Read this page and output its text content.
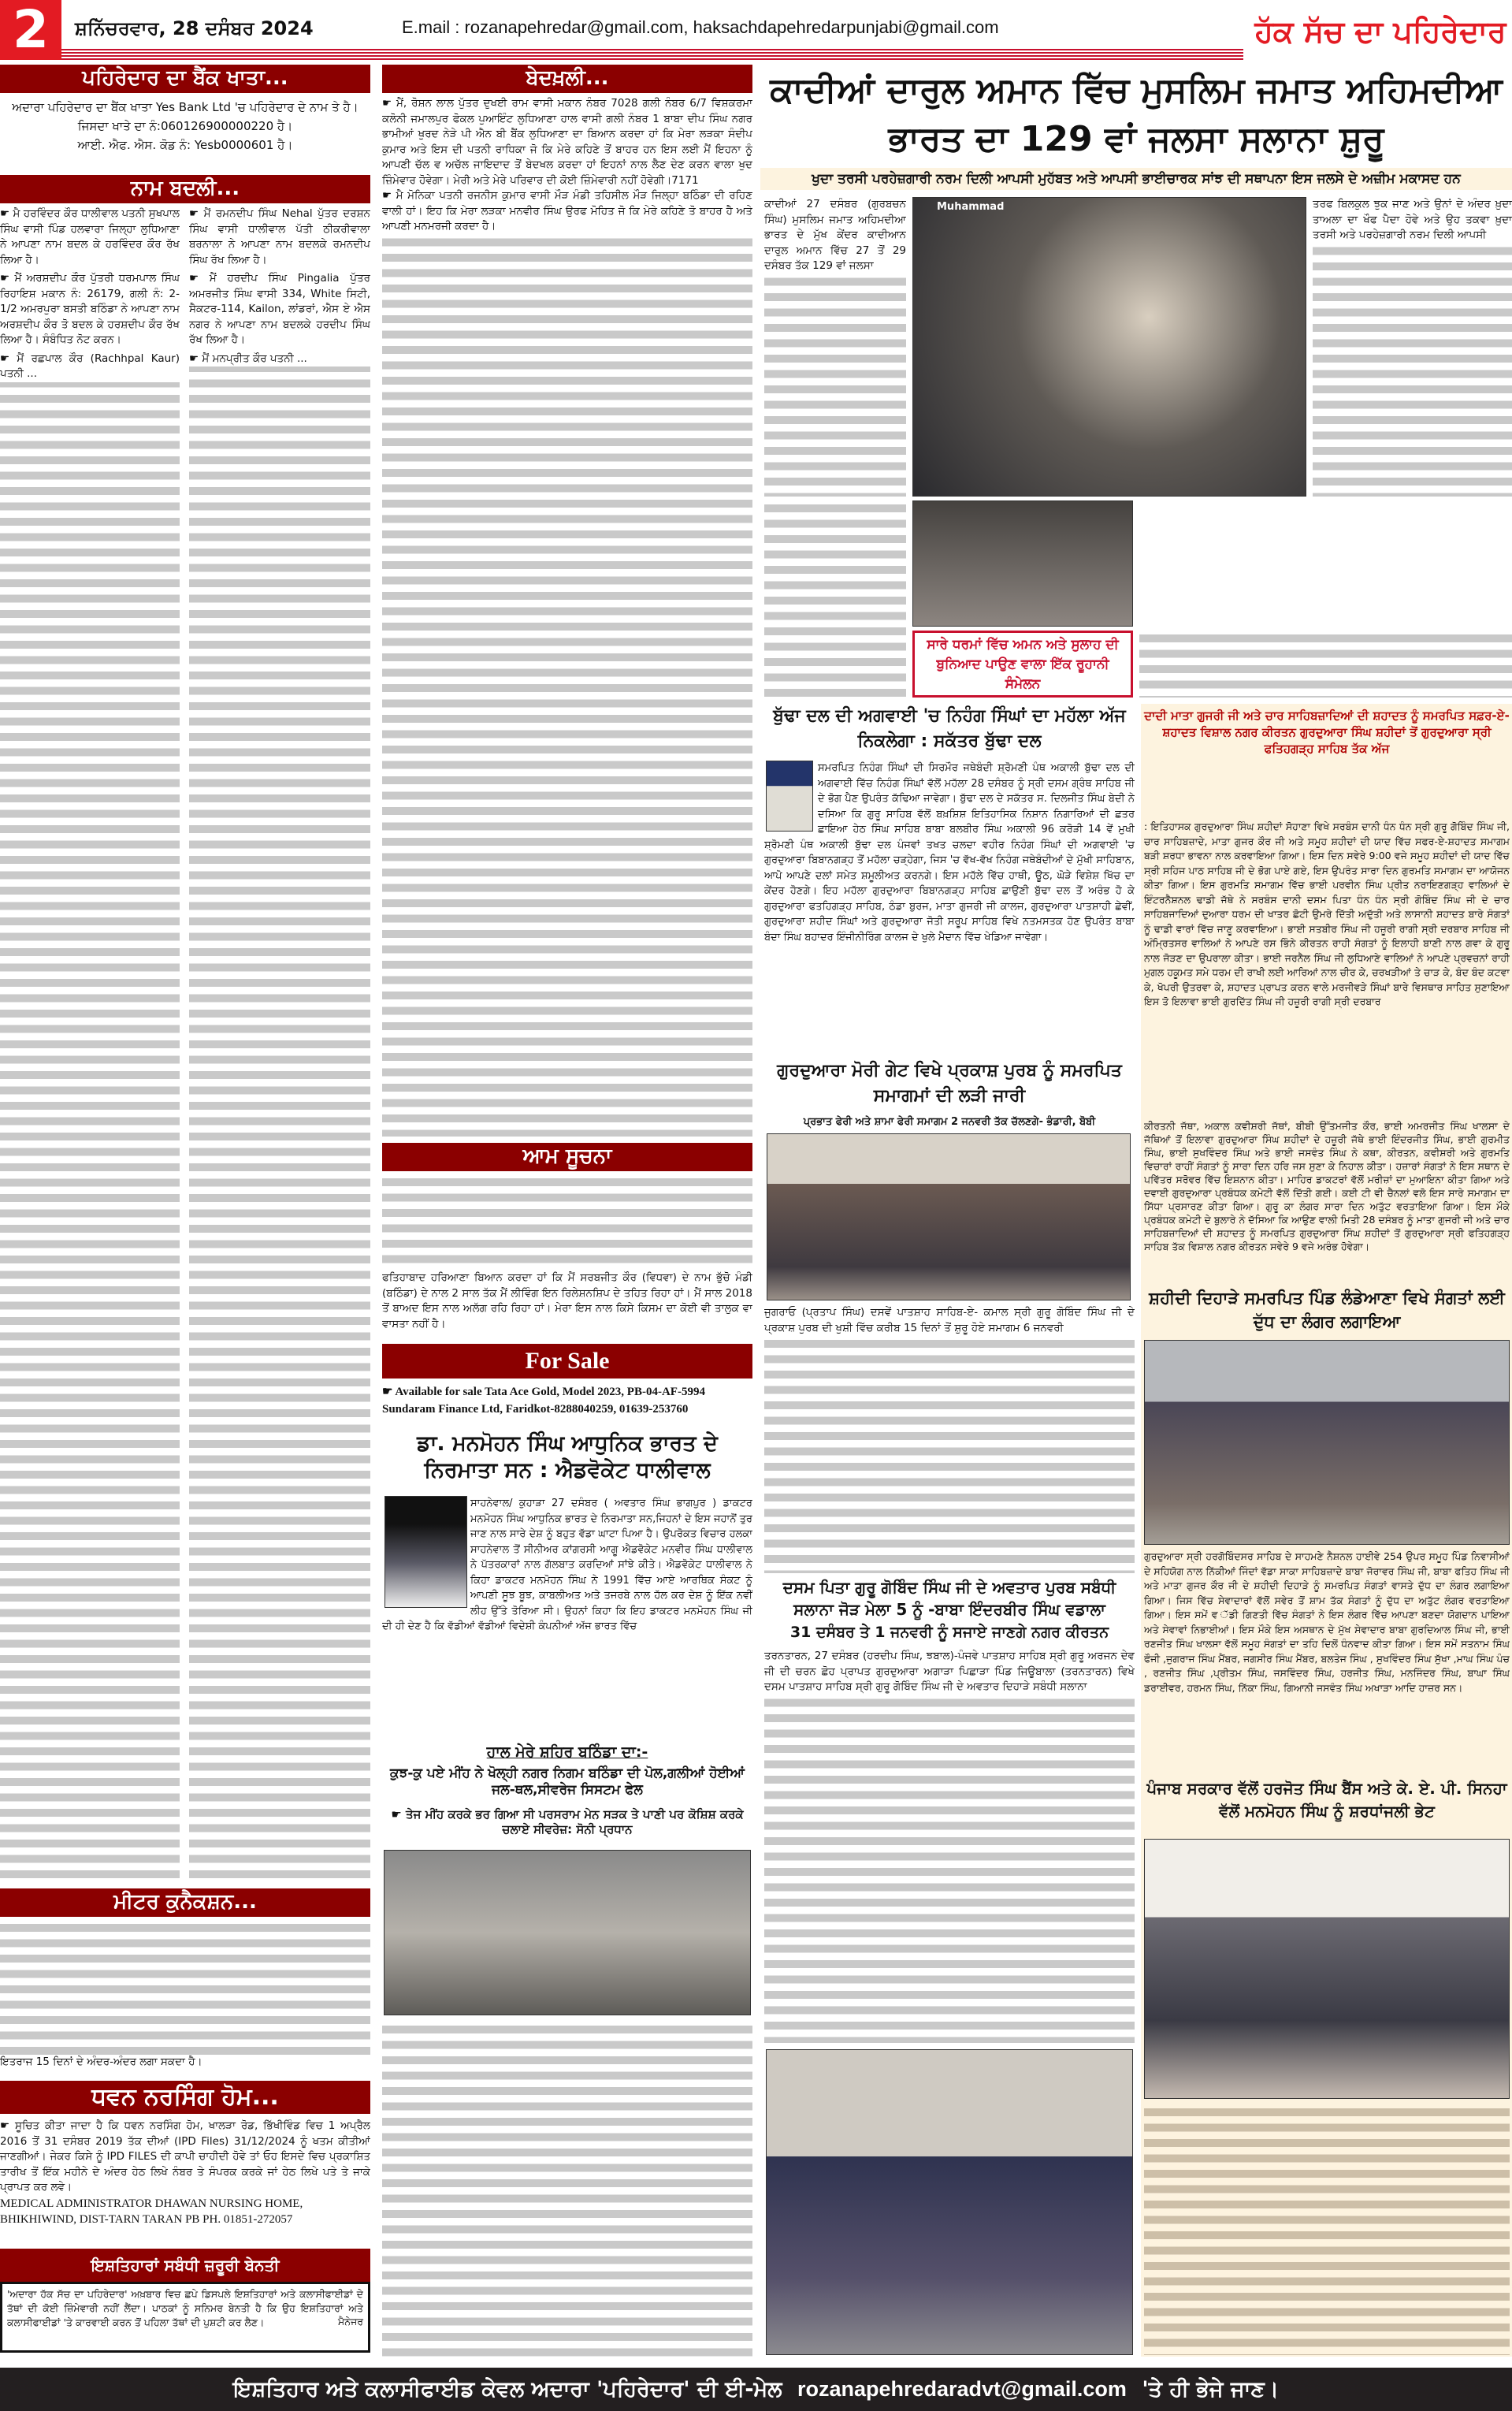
2	ਸ਼ਨਿੱਚਰਵਾਰ, 28 ਦਸੰਬਰ 2024	E.mail : rozanapehredar@gmail.com, haksachdapehredarpunjabi@gmail.com	ਹੱਕ ਸੱਚ ਦਾ ਪਹਿਰੇਦਾਰ
ਪਹਿਰੇਦਾਰ ਦਾ ਬੈਂਕ ਖਾਤਾ...
ਅਦਾਰਾ ਪਹਿਰੇਦਾਰ ਦਾ ਬੈਂਕ ਖਾਤਾ Yes Bank Ltd 'ਚ ਪਹਿਰੇਦਾਰ ਦੇ ਨਾਮ ਤੇ ਹੈ। ਜਿਸਦਾ ਖਾਤੇ ਦਾ ਨੰ:060126900000220 ਹੈ।
ਆਈ. ਐਫ. ਐਸ. ਕੋਡ ਨੰ: Yesb0000601 ਹੈ।
ਨਾਮ ਬਦਲੀ...

☛ ਮੈ ਹਰਵਿੰਦਰ ਕੌਰ ਧਾਲੀਵਾਲ ਪਤਨੀ ਸੁਖਪਾਲ ਸਿੰਘ ਵਾਸੀ ਪਿੰਡ ਹਲਵਾਰਾ ਜਿਲ੍ਹਾ ਲੁਧਿਆਣਾ ਨੇ ਆਪਣਾ ਨਾਮ ਬਦਲ ਕੇ ਹਰਵਿੰਦਰ ਕੌਰ ਰੱਖ ਲਿਆ ਹੈ।

☛ ਮੈਂ ਅਰਸ਼ਦੀਪ ਕੌਰ ਪੁੱਤਰੀ ਧਰਮਪਾਲ ਸਿੰਘ ਰਿਹਾਇਸ਼ ਮਕਾਨ ਨੰ: 26179, ਗਲੀ ਨੰ: 2-1/2 ਅਮਰਪੁਰਾ ਬਸਤੀ ਬਠਿੰਡਾ ਨੇ ਆਪਣਾ ਨਾਮ ਅਰਸ਼ਦੀਪ ਕੌਰ ਤੋ ਬਦਲ ਕੇ ਹਰਸ਼ਦੀਪ ਕੌਰ ਰੱਖ ਲਿਆ ਹੈ। ਸੰਬੰਧਿਤ ਨੋਟ ਕਰਨ।

☛ ਮੈਂ ਰਛਪਾਲ ਕੌਰ (Rachhpal Kaur) ਪਤਨੀ ...

☛ ਮੈਂ ਰਮਨਦੀਪ ਸਿੰਘ Nehal ਪੁੱਤਰ ਦਰਸ਼ਨ ਸਿੰਘ ਵਾਸੀ ਧਾਲੀਵਾਲ ਪੱਤੀ ਠੀਕਰੀਵਾਲਾ ਬਰਨਾਲਾ ਨੇ ਆਪਣਾ ਨਾਮ ਬਦਲਕੇ ਰਮਨਦੀਪ ਸਿੰਘ ਰੱਖ ਲਿਆ ਹੈ।

☛ ਮੈਂ ਹਰਦੀਪ ਸਿੰਘ Pingalia ਪੁੱਤਰ ਅਮਰਜੀਤ ਸਿੰਘ ਵਾਸੀ 334, White ਸਿਟੀ, ਸੈਕਟਰ-114, Kailon, ਲਾਂਡਰਾਂ, ਐਸ ਏ ਐਸ ਨਗਰ ਨੇ ਆਪਣਾ ਨਾਮ ਬਦਲਕੇ ਹਰਦੀਪ ਸਿੰਘ ਰੱਖ ਲਿਆ ਹੈ।

☛ ਮੈਂ ਮਨਪ੍ਰੀਤ ਕੌਰ ਪਤਨੀ ...

ਮੀਟਰ ਕੁਨੈਕਸ਼ਨ...
ਇਤਰਾਜ 15 ਦਿਨਾਂ ਦੇ ਅੰਦਰ-ਅੰਦਰ ਲਗਾ ਸਕਦਾ ਹੈ।
ਧਵਨ ਨਰਸਿੰਗ ਹੋਮ...
☛ ਸੂਚਿਤ ਕੀਤਾ ਜਾਦਾ ਹੈ ਕਿ ਧਵਨ ਨਰਸਿੰਗ ਹੋਮ, ਖਾਲੜਾ ਰੋਡ, ਭਿੱਖੀਵਿੰਡ ਵਿਚ 1 ਅਪ੍ਰੈਲ 2016 ਤੋਂ 31 ਦਸੰਬਰ 2019 ਤੱਕ ਦੀਆਂ (IPD Files) 31/12/2024 ਨੂੰ ਖਤਮ ਕੀਤੀਆਂ ਜਾਣਗੀਆਂ। ਜੇਕਰ ਕਿਸੇ ਨੂੰ IPD FILES ਦੀ ਕਾਪੀ ਚਾਹੀਦੀ ਹੋਵੇ ਤਾਂ ਓਹ ਇਸਦੇ ਵਿਚ ਪ੍ਰਕਾਸ਼ਿਤ ਤਾਰੀਖ ਤੋਂ ਇੱਕ ਮਹੀਨੇ ਦੇ ਅੰਦਰ ਹੇਠ ਲਿਖੇ ਨੰਬਰ ਤੇ ਸੰਪਰਕ ਕਰਕੇ ਜਾਂ ਹੇਠ ਲਿਖੇ ਪਤੇ ਤੇ ਜਾਕੇ ਪ੍ਰਾਪਤ ਕਰ ਲਵੇ।
MEDICAL ADMINISTRATOR DHAWAN NURSING HOME, BHIKHIWIND, DIST-TARN TARAN PB PH. 01851-272057
ਇਸ਼ਤਿਹਾਰਾਂ ਸਬੰਧੀ ਜ਼ਰੂਰੀ ਬੇਨਤੀ
'ਅਦਾਰਾ ਹੱਕ ਸੱਚ ਦਾ ਪਹਿਰੇਦਾਰ' ਅਖ਼ਬਾਰ ਵਿਚ ਛਪੇ ਡਿਸਪਲੇ ਇਸ਼ਤਿਹਾਰਾਂ ਅਤੇ ਕਲਾਸੀਫਾਈਡਾਂ ਦੇ ਤੱਥਾਂ ਦੀ ਕੋਈ ਜ਼ਿੰਮੇਵਾਰੀ ਨਹੀਂ ਲੈਂਦਾ। ਪਾਠਕਾਂ ਨੂੰ ਸਨਿਮਰ ਬੇਨਤੀ ਹੈ ਕਿ ਉਹ ਇਸ਼ਤਿਹਾਰਾਂ ਅਤੇ ਕਲਾਸੀਫਾਈਡਾਂ 'ਤੇ ਕਾਰਵਾਈ ਕਰਨ ਤੋਂ ਪਹਿਲਾ ਤੱਥਾਂ ਦੀ ਪੁਸ਼ਟੀ ਕਰ ਲੈਣ।	ਮੈਨੇਜਰ
ਬੇਦਖ਼ਲੀ...

☛ ਮੈਂ, ਰੋਸ਼ਨ ਲਾਲ ਪੁੱਤਰ ਦੁਖਈ ਰਾਮ ਵਾਸੀ ਮਕਾਨ ਨੰਬਰ 7028 ਗਲੀ ਨੰਬਰ 6/7 ਵਿਸ਼ਕਰਮਾ ਕਲੋਨੀ ਜਮਾਲਪੁਰ ਫੋਕਲ ਪੁਆਇੰਟ ਲੁਧਿਆਣਾ ਹਾਲ ਵਾਸੀ ਗਲੀ ਨੰਬਰ 1 ਬਾਬਾ ਦੀਪ ਸਿੰਘ ਨਗਰ ਭਾਮੀਆਂ ਖੁਰਦ ਨੇੜੇ ਪੀ ਐਨ ਬੀ ਬੈਂਕ ਲੁਧਿਆਣਾ ਦਾ ਬਿਆਨ ਕਰਦਾ ਹਾਂ ਕਿ ਮੇਰਾ ਲੜਕਾ ਸੰਦੀਪ ਕੁਮਾਰ ਅਤੇ ਇਸ ਦੀ ਪਤਨੀ ਰਾਧਿਕਾ ਜੋ ਕਿ ਮੇਰੇ ਕਹਿਣੇ ਤੋਂ ਬਾਹਰ ਹਨ ਇਸ ਲਈ ਮੈਂ ਇਹਨਾ ਨੂੰ ਆਪਣੀ ਚੱਲ ਵ ਅਚੱਲ ਜਾਇਦਾਦ ਤੋਂ ਬੇਦਖਲ ਕਰਦਾ ਹਾਂ ਇਹਨਾਂ ਨਾਲ ਲੈਣ ਦੇਣ ਕਰਨ ਵਾਲਾ ਖੁਦ ਜ਼ਿੰਮੇਵਾਰ ਹੋਵੇਗਾ। ਮੇਰੀ ਅਤੇ ਮੇਰੇ ਪਰਿਵਾਰ ਦੀ ਕੋਈ ਜ਼ਿੰਮੇਵਾਰੀ ਨਹੀਂ ਹੋਵੇਗੀ।7171

☛ ਮੈ ਮੋਨਿਕਾ ਪਤਨੀ ਰਜਨੀਸ ਕੁਮਾਰ ਵਾਸੀ ਮੌੜ ਮੰਡੀ ਤਹਿਸੀਲ ਮੌੜ ਜਿਲ੍ਹਾ ਬਠਿੰਡਾ ਦੀ ਰਹਿਣ ਵਾਲੀ ਹਾਂ। ਇਹ ਕਿ ਮੇਰਾ ਲੜਕਾ ਮਨਵੀਰ ਸਿੰਘ ਉਰਫ ਮੋਹਿਤ ਜੋ ਕਿ ਮੇਰੇ ਕਹਿਣੇ ਤੋ ਬਾਹਰ ਹੈ ਅਤੇ ਆਪਣੀ ਮਨਮਰਜੀ ਕਰਦਾ ਹੈ।

ਆਮ ਸੂਚਨਾ
ਫਤਿਹਾਬਾਦ ਹਰਿਆਣਾ ਬਿਆਨ ਕਰਦਾ ਹਾਂ ਕਿ ਮੈਂ ਸਰਬਜੀਤ ਕੌਰ (ਵਿਧਵਾ) ਦੇ ਨਾਮ ਭੁੱਚੋ ਮੰਡੀ (ਬਠਿੰਡਾ) ਦੇ ਨਾਲ 2 ਸਾਲ ਤੱਕ ਮੈਂ ਲੀਵਿੰਗ ਇਨ ਰਿਲੇਸ਼ਨਸ਼ਿਪ ਦੇ ਤਹਿਤ ਰਿਹਾ ਹਾਂ। ਮੈਂ ਸਾਲ 2018 ਤੋਂ ਬਾਅਦ ਇਸ ਨਾਲ ਅਲੱਗ ਰਹਿ ਰਿਹਾ ਹਾਂ। ਮੇਰਾ ਇਸ ਨਾਲ ਕਿਸੇ ਕਿਸਮ ਦਾ ਕੋਈ ਵੀ ਤਾਲੁਕ ਵਾ ਵਾਸਤਾ ਨਹੀਂ ਹੈ।
For Sale
☛ Available for sale Tata Ace Gold, Model 2023, PB-04-AF-5994 Sundaram Finance Ltd, Faridkot-8288040259, 01639-253760
ਡਾ. ਮਨਮੋਹਨ ਸਿੰਘ ਆਧੁਨਿਕ ਭਾਰਤ ਦੇ ਨਿਰਮਾਤਾ ਸਨ : ਐਡਵੋਕੇਟ ਧਾਲੀਵਾਲ
ਸਾਹਨੇਵਾਲ/ ਕੁਹਾੜਾ 27 ਦਸੰਬਰ ( ਅਵਤਾਰ ਸਿੰਘ ਭਾਗਪੁਰ ) ਡਾਕਟਰ ਮਨਮੋਹਨ ਸਿੰਘ ਆਧੁਨਿਕ ਭਾਰਤ ਦੇ ਨਿਰਮਾਤਾ ਸਨ,ਜਿਹਨਾਂ ਦੇ ਇਸ ਜਹਾਨੋਂ ਤੁਰ ਜਾਣ ਨਾਲ ਸਾਰੇ ਦੇਸ਼ ਨੂੰ ਬਹੁਤ ਵੱਡਾ ਘਾਟਾ ਪਿਆ ਹੈ। ਉਪਰੋਕਤ ਵਿਚਾਰ ਹਲਕਾ ਸਾਹਨੇਵਾਲ ਤੋਂ ਸੀਨੀਅਰ ਕਾਂਗਰਸੀ ਆਗੂ ਐਡਵੋਕੇਟ ਮਨਵੀਰ ਸਿੰਘ ਧਾਲੀਵਾਲ ਨੇ ਪੱਤਰਕਾਰਾਂ ਨਾਲ ਗੱਲਬਾਤ ਕਰਦਿਆਂ ਸਾਂਝੇ ਕੀਤੇ। ਐਡਵੋਕੇਟ ਧਾਲੀਵਾਲ ਨੇ ਕਿਹਾ ਡਾਕਟਰ ਮਨਮੋਹਨ ਸਿੰਘ ਨੇ 1991 ਵਿੱਚ ਆਏ ਆਰਥਿਕ ਸੰਕਟ ਨੂੰ ਆਪਣੀ ਸੂਝ ਬੂਝ, ਕਾਬਲੀਅਤ ਅਤੇ ਤਜਰਬੇ ਨਾਲ ਹੱਲ ਕਰ ਦੇਸ਼ ਨੂੰ ਇੱਕ ਨਵੀਂ ਲੀਹ ਉੱਤੇ ਤੋਰਿਆ ਸੀ। ਉਹਨਾਂ ਕਿਹਾ ਕਿ ਇਹ ਡਾਕਟਰ ਮਨਮੋਹਨ ਸਿੰਘ ਜੀ ਦੀ ਹੀ ਦੇਣ ਹੈ ਕਿ ਵੱਡੀਆਂ ਵੱਡੀਆਂ ਵਿਦੇਸ਼ੀ ਕੰਪਨੀਆਂ ਅੱਜ ਭਾਰਤ ਵਿੱਚ
ਹਾਲ ਮੇਰੇ ਸ਼ਹਿਰ ਬਠਿੰਡਾ ਦਾ:-
ਕੁਝ-ਕੁ ਪਏ ਮੀਂਹ ਨੇ ਖੋਲ੍ਹੀ ਨਗਰ ਨਿਗਮ ਬਠਿੰਡਾ ਦੀ ਪੋਲ,ਗਲੀਆਂ ਹੋਈਆਂ ਜਲ-ਥਲ,ਸੀਵਰੇਜ ਸਿਸਟਮ ਫੇਲ
☛ ਤੇਜ ਮੀਂਹ ਕਰਕੇ ਭਰ ਗਿਆ ਸੀ ਪਰਸਰਾਮ ਮੇਨ ਸੜਕ ਤੇ ਪਾਣੀ ਪਰ ਕੋਸ਼ਿਸ਼ ਕਰਕੇ ਚਲਾਏ ਸੀਵਰੇਜ਼: ਸੋਨੀ ਪ੍ਰਧਾਨ
ਕਾਦੀਆਂ ਦਾਰੁਲ ਅਮਾਨ ਵਿੱਚ ਮੁਸਲਿਮ ਜਮਾਤ ਅਹਿਮਦੀਆ ਭਾਰਤ ਦਾ 129 ਵਾਂ ਜਲਸਾ ਸਲਾਨਾ ਸ਼ੁਰੂ
ਖੁਦਾ ਤਰਸੀ ਪਰਹੇਜ਼ਗਾਰੀ ਨਰਮ ਦਿਲੀ ਆਪਸੀ ਮੁਹੱਬਤ ਅਤੇ ਆਪਸੀ ਭਾਈਚਾਰਕ ਸਾਂਝ ਦੀ ਸਥਾਪਨਾ ਇਸ ਜਲਸੇ ਦੇ ਅਜ਼ੀਮ ਮਕਾਸਦ ਹਨ
ਕਾਦੀਆਂ 27 ਦਸੰਬਰ (ਗੁਰਬਚਨ ਸਿੰਘ) ਮੁਸਲਿਮ ਜਮਾਤ ਅਹਿਮਦੀਆ ਭਾਰਤ ਦੇ ਮੁੱਖ ਕੇਂਦਰ ਕਾਦੀਆਨ ਦਾਰੁਲ ਅਮਾਨ ਵਿੱਚ 27 ਤੋਂ 29 ਦਸੰਬਰ ਤੱਕ 129 ਵਾਂ ਜਲਸਾ
Muhammad	ਤਰਫ ਬਿਲਕੁਲ ਝੁਕ ਜਾਣ ਅਤੇ ਉਨਾਂ ਦੇ ਅੰਦਰ ਖ਼ੁਦਾ ਤਾਅਲਾ ਦਾ ਖੌਫ ਪੈਦਾ ਹੋਵੇ ਅਤੇ ਉਹ ਤਕਵਾ ਖ਼ੁਦਾ ਤਰਸੀ ਅਤੇ ਪਰਹੇਜ਼ਗਾਰੀ ਨਰਮ ਦਿਲੀ ਆਪਸੀ
ਸਾਰੇ ਧਰਮਾਂ ਵਿੱਚ ਅਮਨ ਅਤੇ ਸੁਲਾਹ ਦੀ ਬੁਨਿਆਦ ਪਾਉਣ ਵਾਲਾ ਇੱਕ ਰੂਹਾਨੀ ਸੰਮੇਲਨ
ਬੁੱਢਾ ਦਲ ਦੀ ਅਗਵਾਈ 'ਚ ਨਿਹੰਗ ਸਿੰਘਾਂ ਦਾ ਮਹੱਲਾ ਅੱਜ ਨਿਕਲੇਗਾ : ਸਕੱਤਰ ਬੁੱਢਾ ਦਲ
ਸਮਰਪਿਤ ਨਿਹੰਗ ਸਿੰਘਾਂ ਦੀ ਸਿਰਮੌਰ ਜਥੇਬੰਦੀ ਸ਼੍ਰੋਮਣੀ ਪੰਥ ਅਕਾਲੀ ਬੁੱਢਾ ਦਲ ਦੀ ਅਗਵਾਈ ਵਿੱਚ ਨਿਹੰਗ ਸਿੰਘਾਂ ਵੱਲੋਂ ਮਹੱਲਾ 28 ਦਸੰਬਰ ਨੂੰ ਸ੍ਰੀ ਦਸਮ ਗ੍ਰੰਥ ਸਾਹਿਬ ਜੀ ਦੇ ਭੋਗ ਪੈਣ ਉਪਰੰਤ ਕੱਢਿਆ ਜਾਵੇਗਾ। ਬੁੱਢਾ ਦਲ ਦੇ ਸਕੱਤਰ ਸ. ਦਿਲਜੀਤ ਸਿੰਘ ਬੇਦੀ ਨੇ ਦਸਿਆ ਕਿ ਗੁਰੂ ਸਾਹਿਬ ਵੱਲੋਂ ਬਖ਼ਸ਼ਿਸ਼ ਇਤਿਹਾਸਿਕ ਨਿਸ਼ਾਨ ਨਿਗਾਰਿਆਂ ਦੀ ਛਤਰ ਛਾਇਆ ਹੇਠ ਸਿੰਘ ਸਾਹਿਬ ਬਾਬਾ ਬਲਬੀਰ ਸਿੰਘ ਅਕਾਲੀ 96 ਕਰੋੜੀ 14 ਵੇਂ ਮੁਖੀ ਸ਼੍ਰੋਮਣੀ ਪੰਥ ਅਕਾਲੀ ਬੁੱਢਾ ਦਲ ਪੰਜਵਾਂ ਤਖਤ ਚਲਦਾ ਵਹੀਰ ਨਿਹੰਗ ਸਿੰਘਾਂ ਦੀ ਅਗਵਾਈ 'ਚ ਗੁਰਦੁਆਰਾ ਬਿਬਾਨਗੜ੍ਹ ਤੋਂ ਮਹੱਲਾ ਚੜ੍ਹੇਗਾ, ਜਿਸ 'ਚ ਵੱਖ-ਵੱਖ ਨਿਹੰਗ ਜਥੇਬੰਦੀਆਂ ਦੇ ਮੁੱਖੀ ਸਾਹਿਬਾਨ, ਆਪੋ ਆਪਣੇ ਦਲਾਂ ਸਮੇਤ ਸ਼ਮੂਲੀਅਤ ਕਰਨਗੇ। ਇਸ ਮਹੱਲੇ ਵਿੱਚ ਹਾਥੀ, ਊਠ, ਘੋੜੇ ਵਿਸ਼ੇਸ਼ ਖਿੱਚ ਦਾ ਕੇਂਦਰ ਹੋਣਗੇ। ਇਹ ਮਹੱਲਾ ਗੁਰਦੁਆਰਾ ਬਿਬਾਨਗੜ੍ਹ ਸਾਹਿਬ ਛਾਉਣੀ ਬੁੱਢਾ ਦਲ ਤੋਂ ਅਰੰਭ ਹੋ ਕੇ ਗੁਰਦੁਆਰਾ ਫਤਹਿਗੜ੍ਹ ਸਾਹਿਬ, ਠੰਡਾ ਬੁਰਜ, ਮਾਤਾ ਗੁਜਰੀ ਜੀ ਕਾਲਜ, ਗੁਰਦੁਆਰਾ ਪਾਤਸ਼ਾਹੀ ਛੇਵੀਂ, ਗੁਰਦੁਆਰਾ ਸ਼ਹੀਦ ਸਿੰਘਾਂ ਅਤੇ ਗੁਰਦੁਆਰਾ ਜੋਤੀ ਸਰੂਪ ਸਾਹਿਬ ਵਿਖੇ ਨਤਮਸਤਕ ਹੋਣ ਉਪਰੰਤ ਬਾਬਾ ਬੰਦਾ ਸਿੰਘ ਬਹਾਦਰ ਇੰਜੀਨੀਰਿੰਗ ਕਾਲਜ ਦੇ ਖੁਲੇ ਮੈਦਾਨ ਵਿੱਚ ਖੇਡਿਆ ਜਾਵੇਗਾ।
ਗੁਰਦੁਆਰਾ ਮੋਰੀ ਗੇਟ ਵਿਖੇ ਪ੍ਰਕਾਸ਼ ਪੁਰਬ ਨੂੰ ਸਮਰਪਿਤ ਸਮਾਗਮਾਂ ਦੀ ਲੜੀ ਜਾਰੀ
ਪ੍ਰਭਾਤ ਫੇਰੀ ਅਤੇ ਸ਼ਾਮਾ ਫੇਰੀ ਸਮਾਗਮ 2 ਜਨਵਰੀ ਤੱਕ ਚੱਲਣਗੇ- ਭੰਡਾਰੀ, ਬੋਬੀ
ਜੁਗਰਾਓ (ਪ੍ਰਤਾਪ ਸਿੰਘ) ਦਸਵੇਂ ਪਾਤਸ਼ਾਹ ਸਾਹਿਬ-ਏ- ਕਮਾਲ ਸ੍ਰੀ ਗੁਰੂ ਗੋਬਿੰਦ ਸਿੰਘ ਜੀ ਦੇ ਪ੍ਰਕਾਸ਼ ਪੁਰਬ ਦੀ ਖੁਸ਼ੀ ਵਿੱਚ ਕਰੀਬ 15 ਦਿਨਾਂ ਤੋਂ ਸ਼ੁਰੂ ਹੋਏ ਸਮਾਗਮ 6 ਜਨਵਰੀ
ਦਸਮ ਪਿਤਾ ਗੁਰੂ ਗੋਬਿੰਦ ਸਿੰਘ ਜੀ ਦੇ ਅਵਤਾਰ ਪੁਰਬ ਸਬੰਧੀ ਸਲਾਨਾ ਜੋੜ ਮੇਲਾ 5 ਨੂੰ -ਬਾਬਾ ਇੰਦਰਬੀਰ ਸਿੰਘ ਵਡਾਲਾ
31 ਦਸੰਬਰ ਤੇ 1 ਜਨਵਰੀ ਨੂੰ ਸਜਾਏ ਜਾਣਗੇ ਨਗਰ ਕੀਰਤਨ
ਤਰਨਤਾਰਨ, 27 ਦਸੰਬਰ (ਹਰਦੀਪ ਸਿੰਘ, ਝਬਾਲ)-ਪੰਜਵੇ ਪਾਤਸ਼ਾਹ ਸਾਹਿਬ ਸ੍ਰੀ ਗੁਰੂ ਅਰਜਨ ਦੇਵ ਜੀ ਦੀ ਚਰਨ ਛੋਹ ਪ੍ਰਾਪਤ ਗੁਰਦੁਆਰਾ ਅਗਾੜਾ ਪਿਛਾੜਾ ਪਿੰਡ ਜਿਊਬਾਲਾ (ਤਰਨਤਾਰਨ) ਵਿਖੇ ਦਸਮ ਪਾਤਸ਼ਾਹ ਸਾਹਿਬ ਸ੍ਰੀ ਗੁਰੂ ਗੋਬਿੰਦ ਸਿੰਘ ਜੀ ਦੇ ਅਵਤਾਰ ਦਿਹਾੜੇ ਸਬੰਧੀ ਸਲਾਨਾ
ਦਾਦੀ ਮਾਤਾ ਗੁਜਰੀ ਜੀ ਅਤੇ ਚਾਰ ਸਾਹਿਬਜ਼ਾਦਿਆਂ ਦੀ ਸ਼ਹਾਦਤ ਨੂੰ ਸਮਰਪਿਤ ਸਫ਼ਰ-ਏ-ਸ਼ਹਾਦਤ ਵਿਸ਼ਾਲ ਨਗਰ ਕੀਰਤਨ ਗੁਰਦੁਆਰਾ ਸਿੰਘ ਸ਼ਹੀਦਾਂ ਤੋਂ ਗੁਰਦੁਆਰਾ ਸ੍ਰੀ ਫਤਿਹਗੜ੍ਹ ਸਾਹਿਬ ਤੱਕ ਅੱਜ
: ਇਤਿਹਾਸਕ ਗੁਰਦੁਆਰਾ ਸਿੰਘ ਸ਼ਹੀਦਾਂ ਸੋਹਾਣਾ ਵਿਖੇ ਸਰਬੰਸ ਦਾਨੀ ਧੰਨ ਧੰਨ ਸ੍ਰੀ ਗੁਰੂ ਗੋਬਿੰਦ ਸਿੰਘ ਜੀ, ਚਾਰ ਸਾਹਿਬਜ਼ਾਦੇ, ਮਾਤਾ ਗੁਜਰ ਕੌਰ ਜੀ ਅਤੇ ਸਮੂਹ ਸ਼ਹੀਦਾਂ ਦੀ ਯਾਦ ਵਿੱਚ ਸਫਰ-ਏ-ਸ਼ਹਾਦਤ ਸਮਾਗਮ ਬੜੀ ਸ਼ਰਧਾ ਭਾਵਨਾ ਨਾਲ ਕਰਵਾਇਆ ਗਿਆ। ਇਸ ਦਿਨ ਸਵੇਰੇ 9:00 ਵਜੇ ਸਮੂਹ ਸ਼ਹੀਦਾਂ ਦੀ ਯਾਦ ਵਿੱਚ ਸ੍ਰੀ ਸਹਿਜ ਪਾਠ ਸਾਹਿਬ ਜੀ ਦੇ ਭੋਗ ਪਾਏ ਗਏ, ਇਸ ਉਪਰੰਤ ਸਾਰਾ ਦਿਨ ਗੁਰਮਤਿ ਸਮਾਗਮ ਦਾ ਆਯੋਜਨ ਕੀਤਾ ਗਿਆ। ਇਸ ਗੁਰਮਤਿ ਸਮਾਗਮ ਵਿੱਚ ਭਾਈ ਪਰਵੀਨ ਸਿੰਘ ਪ੍ਰੀਤ ਨਰਾਇਣਗੜ੍ਹ ਵਾਲਿਆਂ ਦੇ ਇੰਟਰਨੈਸ਼ਨਲ ਢਾਡੀ ਜੱਥੇ ਨੇ ਸਰਬੰਸ ਦਾਨੀ ਦਸਮ ਪਿਤਾ ਧੰਨ ਧੰਨ ਸ੍ਰੀ ਗੋਬਿੰਦ ਸਿੰਘ ਜੀ ਦੇ ਚਾਰ ਸਾਹਿਬਜਾਦਿਆਂ ਦੁਆਰਾ ਧਰਮ ਦੀ ਖਾਤਰ ਛੋਟੀ ਉਮਰੇ ਦਿੱਤੀ ਅਦੁੱਤੀ ਅਤੇ ਲਾਸਾਨੀ ਸ਼ਹਾਦਤ ਬਾਰੇ ਸੰਗਤਾਂ ਨੂੰ ਢਾਡੀ ਵਾਰਾਂ ਵਿੱਚ ਜਾਣੂ ਕਰਵਾਇਆ। ਭਾਈ ਸਤਬੀਰ ਸਿੰਘ ਜੀ ਹਜ਼ੂਰੀ ਰਾਗੀ ਸ੍ਰੀ ਦਰਬਾਰ ਸਾਹਿਬ ਜੀ ਅੰਮ੍ਰਿਤਸਰ ਵਾਲਿਆਂ ਨੇ ਆਪਣੇ ਰਸ ਭਿੰਨੇ ਕੀਰਤਨ ਰਾਹੀ ਸੰਗਤਾਂ ਨੂੰ ਇਲਾਹੀ ਬਾਣੀ ਨਾਲ ਗਵਾ ਕੇ ਗੁਰੂ ਨਾਲ ਜੋੜਣ ਦਾ ਉਪਰਾਲਾ ਕੀਤਾ। ਭਾਈ ਜਰਨੈਲ ਸਿੰਘ ਜੀ ਲੁਧਿਆਣੇ ਵਾਲਿਆਂ ਨੇ ਆਪਣੇ ਪ੍ਰਵਚਨਾਂ ਰਾਹੀ ਮੁਗਲ ਹਕੂਮਤ ਸਮੇ ਧਰਮ ਦੀ ਰਾਖੀ ਲਈ ਆਰਿਆਂ ਨਾਲ ਚੀਰ ਕੇ, ਚਰਖੜੀਆਂ ਤੇ ਚਾੜ ਕੇ, ਬੰਦ ਬੰਦ ਕਟਵਾ ਕੇ, ਖੋਪਰੀ ਉਤਰਵਾ ਕੇ, ਸ਼ਹਾਦਤ ਪ੍ਰਾਪਤ ਕਰਨ ਵਾਲੇ ਮਰਜੀਵੜੇ ਸਿੰਘਾਂ ਬਾਰੇ ਵਿਸਥਾਰ ਸਾਹਿਤ ਸੁਣਾਇਆ ਇਸ ਤੋ ਇਲਾਵਾ ਭਾਈ ਗੁਰਦਿੱਤ ਸਿੰਘ ਜੀ ਹਜ਼ੂਰੀ ਰਾਗੀ ਸ੍ਰੀ ਦਰਬਾਰ
ਕੀਰਤਨੀ ਜੱਥਾ, ਅਕਾਲ ਕਵੀਸ਼ਰੀ ਜੱਥਾਂ, ਬੀਬੀ ਉੱਤਮਜੀਤ ਕੌਰ, ਭਾਈ ਅਮਰਜੀਤ ਸਿੰਘ ਖਾਲਸਾ ਦੇ ਜੱਥਿਆਂ ਤੋਂ ਇਲਾਵਾ ਗੁਰਦੁਆਰਾ ਸਿੰਘ ਸ਼ਹੀਦਾਂ ਦੇ ਹਜ਼ੂਰੀ ਜੱਥੇ ਭਾਈ ਇੰਦਰਜੀਤ ਸਿੰਘ, ਭਾਈ ਗੁਰਮੀਤ ਸਿੰਘ, ਭਾਈ ਸੁਖਵਿੰਦਰ ਸਿੰਘ ਅਤੇ ਭਾਈ ਜਸਵੰਤ ਸਿੰਘ ਨੇ ਕਥਾ, ਕੀਰਤਨ, ਕਵੀਸ਼ਰੀ ਅਤੇ ਗੁਰਮਤਿ ਵਿਚਾਰਾਂ ਰਾਹੀਂ ਸੰਗਤਾਂ ਨੂੰ ਸਾਰਾ ਦਿਨ ਹਰਿ ਜਸ ਸੁਣਾ ਕੇ ਨਿਹਾਲ ਕੀਤਾ। ਹਜ਼ਾਰਾਂ ਸੰਗਤਾਂ ਨੇ ਇਸ ਸਥਾਨ ਦੇ ਪਵਿੱਤਰ ਸਰੋਵਰ ਵਿੱਚ ਇਸ਼ਨਾਨ ਕੀਤਾ। ਮਾਹਿਰ ਡਾਕਟਰਾਂ ਵੱਲੋਂ ਮਰੀਜ਼ਾਂ ਦਾ ਮੁਆਇਨਾ ਕੀਤਾ ਗਿਆ ਅਤੇ ਦਵਾਈ ਗੁਰਦੁਆਰਾ ਪ੍ਰਬੰਧਕ ਕਮੇਟੀ ਵੱਲੋਂ ਦਿੱਤੀ ਗਈ। ਕਈ ਟੀ ਵੀ ਚੈਨਲਾਂ ਵਲੋ ਇਸ ਸਾਰੇ ਸਮਾਗਮ ਦਾ ਸਿੱਧਾ ਪ੍ਰਸਾਰਣ ਕੀਤਾ ਗਿਆ। ਗੁਰੂ ਕਾ ਲੰਗਰ ਸਾਰਾ ਦਿਨ ਅਤੁੱਟ ਵਰਤਾਇਆ ਗਿਆ। ਇਸ ਮੌਕੇ ਪ੍ਰਬੰਧਕ ਕਮੇਟੀ ਦੇ ਬੁਲਾਰੇ ਨੇ ਦੱਸਿਆ ਕਿ ਆਉਣ ਵਾਲੀ ਮਿਤੀ 28 ਦਸੰਬਰ ਨੂੰ ਮਾਤਾ ਗੁਜਰੀ ਜੀ ਅਤੇ ਚਾਰ ਸਾਹਿਬਜ਼ਾਦਿਆਂ ਦੀ ਸ਼ਹਾਦਤ ਨੂੰ ਸਮਰਪਿਤ ਗੁਰਦੁਆਰਾ ਸਿੰਘ ਸ਼ਹੀਦਾਂ ਤੋਂ ਗੁਰਦੁਆਰਾ ਸ੍ਰੀ ਫਤਿਹਗੜ੍ਹ ਸਾਹਿਬ ਤੱਕ ਵਿਸ਼ਾਲ ਨਗਰ ਕੀਰਤਨ ਸਵੇਰੇ 9 ਵਜੇ ਅਰੰਭ ਹੋਵੇਗਾ।
ਸ਼ਹੀਦੀ ਦਿਹਾੜੇ ਸਮਰਪਿਤ ਪਿੰਡ ਲੰਡੇਆਣਾ ਵਿਖੇ ਸੰਗਤਾਂ ਲਈ ਦੁੱਧ ਦਾ ਲੰਗਰ ਲਗਾਇਆ
ਗੁਰਦੁਆਰਾ ਸ੍ਰੀ ਹਰਗੋਬਿੰਦਸਰ ਸਾਹਿਬ ਦੇ ਸਾਹਮਣੇ ਨੈਸ਼ਨਲ ਹਾਈਵੇ 254 ਉਪਰ ਸਮੂਹ ਪਿੰਡ ਨਿਵਾਸੀਆਂ ਦੇ ਸਹਿਯੋਗ ਨਾਲ ਨਿੱਕੀਆਂ ਜਿੰਦਾਂ ਵੱਡਾ ਸਾਕਾ ਸਾਹਿਬਜ਼ਾਦੇ ਬਾਬਾ ਜੋਰਾਵਰ ਸਿੰਘ ਜੀ, ਬਾਬਾ ਫਤਿਹ ਸਿੰਘ ਜੀ ਅਤੇ ਮਾਤਾ ਗੁਜਰ ਕੌਰ ਜੀ ਦੇ ਸ਼ਹੀਦੀ ਦਿਹਾੜੇ ਨੂੰ ਸਮਰਪਿਤ ਸੰਗਤਾਂ ਵਾਸਤੇ ਦੁੱਧ ਦਾ ਲੰਗਰ ਲਗਾਇਆ ਗਿਆ। ਜਿਸ ਵਿੱਚ ਸੇਵਾਦਾਰਾਂ ਵੱਲੋਂ ਸਵੇਰ ਤੋਂ ਸ਼ਾਮ ਤੱਕ ਸੰਗਤਾਂ ਨੂੰ ਦੁੱਧ ਦਾ ਅਤੁੱਟ ਲੰਗਰ ਵਰਤਾਇਆ ਗਿਆ। ਇਸ ਸਮੇਂ ਵ ੱਡੀ ਗਿਣਤੀ ਵਿੱਚ ਸੰਗਤਾਂ ਨੇ ਇਸ ਲੰਗਰ ਵਿੱਚ ਆਪਣਾ ਬਣਦਾ ਯੋਗਦਾਨ ਪਾਇਆ ਅਤੇ ਸੇਵਾਵਾਂ ਨਿਭਾਈਆਂ। ਇਸ ਮੌਕੇ ਇਸ ਅਸਥਾਨ ਦੇ ਮੁੱਖ ਸੇਵਾਦਾਰ ਬਾਬਾ ਗੁਰਦਿਆਲ ਸਿੰਘ ਜੀ, ਭਾਈ ਰਣਜੀਤ ਸਿੰਘ ਖਾਲਸਾ ਵੱਲੋਂ ਸਮੂਹ ਸੰਗਤਾਂ ਦਾ ਤਹਿ ਦਿਲੋਂ ਧੰਨਵਾਦ ਕੀਤਾ ਗਿਆ। ਇਸ ਸਮੇਂ ਸਤਨਾਮ ਸਿੰਘ ਫੌਜੀ ,ਜੁਗਰਾਜ ਸਿੰਘ ਮੈਂਬਰ, ਜਗਸੀਰ ਸਿੰਘ ਮੈਂਬਰ, ਬਲਤੇਜ ਸਿੰਘ , ਸੁਖਵਿੰਦਰ ਸਿੰਘ ਸੁੱਖਾ ,ਮਾਘ ਸਿੰਘ ਪੰਚ , ਰਣਜੀਤ ਸਿੰਘ ,ਪ੍ਰੀਤਮ ਸਿੰਘ, ਜਸਵਿੰਦਰ ਸਿੰਘ, ਹਰਜੀਤ ਸਿੰਘ, ਮਨਜਿੰਦਰ ਸਿੰਘ, ਬਾਘਾ ਸਿੰਘ ਡਰਾਈਵਰ, ਹਰਮਨ ਸਿੰਘ, ਨਿੱਕਾ ਸਿੰਘ, ਗਿਆਨੀ ਜਸਵੰਤ ਸਿੰਘ ਅਖਾੜਾ ਆਦਿ ਹਾਜ਼ਰ ਸਨ।
ਪੰਜਾਬ ਸਰਕਾਰ ਵੱਲੋਂ ਹਰਜੋਤ ਸਿੰਘ ਬੈਂਸ ਅਤੇ ਕੇ. ਏ. ਪੀ. ਸਿਨਹਾ ਵੱਲੋਂ ਮਨਮੋਹਨ ਸਿੰਘ ਨੂੰ ਸ਼ਰਧਾਂਜਲੀ ਭੇਟ
ਇਸ਼ਤਿਹਾਰ ਅਤੇ ਕਲਾਸੀਫਾਈਡ ਕੇਵਲ ਅਦਾਰਾ 'ਪਹਿਰੇਦਾਰ' ਦੀ ਈ-ਮੇਲ rozanapehredaradvt@gmail.com 'ਤੇ ਹੀ ਭੇਜੇ ਜਾਣ।
